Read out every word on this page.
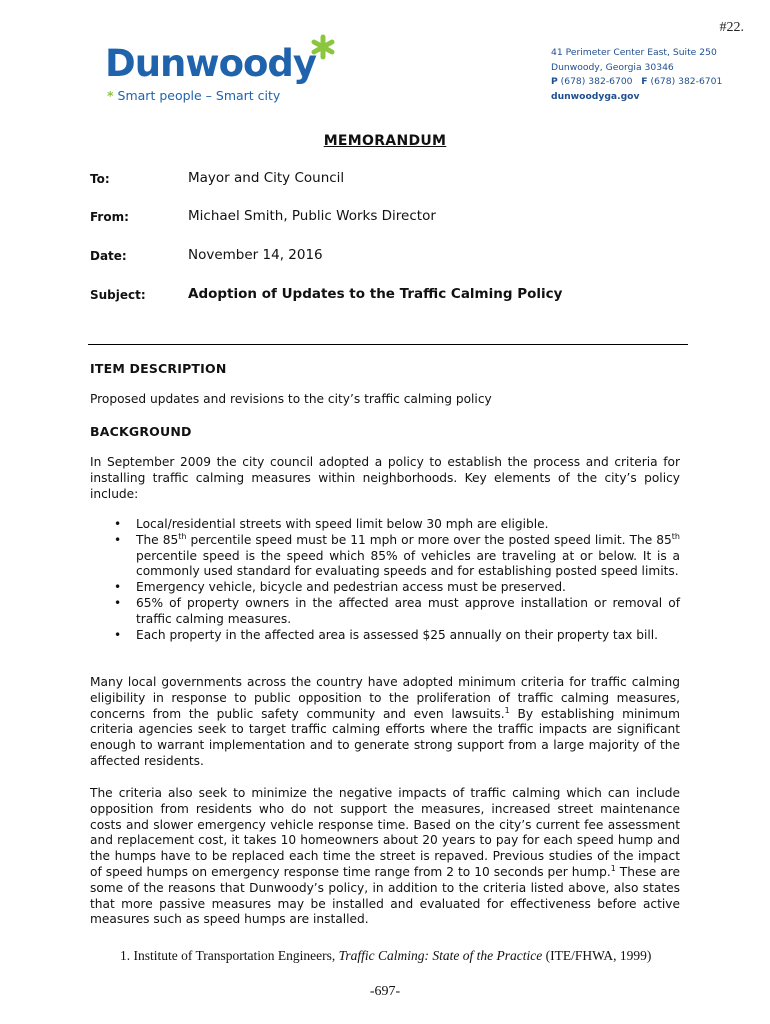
#22.
Dunwoody
* Smart people – Smart city
41 Perimeter Center East, Suite 250
Dunwoody, Georgia 30346
P (678) 382-6700 F (678) 382-6701
dunwoodyga.gov
MEMORANDUM
To:	Mayor and City Council
From:	Michael Smith, Public Works Director
Date:	November 14, 2016
Subject:	Adoption of Updates to the Traffic Calming Policy
ITEM DESCRIPTION
Proposed updates and revisions to the city’s traffic calming policy
BACKGROUND
In September 2009 the city council adopted a policy to establish the process and criteria for installing traffic calming measures within neighborhoods. Key elements of the city’s policy include:
• Local/residential streets with speed limit below 30 mph are eligible.
• The 85th percentile speed must be 11 mph or more over the posted speed limit. The 85th percentile speed is the speed which 85% of vehicles are traveling at or below. It is a commonly used standard for evaluating speeds and for establishing posted speed limits.
• Emergency vehicle, bicycle and pedestrian access must be preserved.
• 65% of property owners in the affected area must approve installation or removal of traffic calming measures.
• Each property in the affected area is assessed $25 annually on their property tax bill.

Many local governments across the country have adopted minimum criteria for traffic calming eligibility in response to public opposition to the proliferation of traffic calming measures, concerns from the public safety community and even lawsuits.$^1$ By establishing minimum criteria agencies seek to target traffic calming efforts where the traffic impacts are significant enough to warrant implementation and to generate strong support from a large majority of the affected residents.

The criteria also seek to minimize the negative impacts of traffic calming which can include opposition from residents who do not support the measures, increased street maintenance costs and slower emergency vehicle response time. Based on the city’s current fee assessment and replacement cost, it takes 10 homeowners about 20 years to pay for each speed hump and the humps have to be replaced each time the street is repaved. Previous studies of the impact of speed humps on emergency response time range from 2 to 10 seconds per hump.$^1$ These are some of the reasons that Dunwoody’s policy, in addition to the criteria listed above, also states that more passive measures may be installed and evaluated for effectiveness before active measures such as speed humps are installed.

1. Institute of Transportation Engineers, Traffic Calming: State of the Practice (ITE/FHWA, 1999)
-697-
